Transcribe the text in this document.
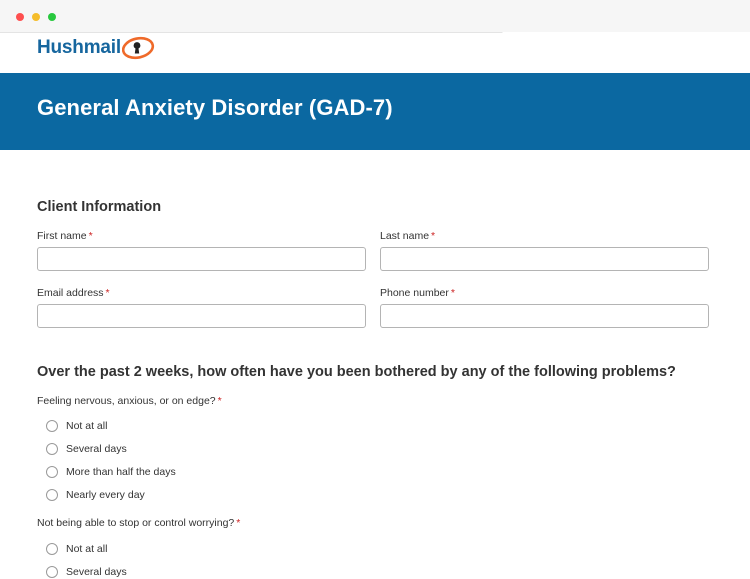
Hush mail
General Anxiety Disorder (GAD-7)
Client Information
First name *	Last name *
Email address *	Phone number *
Over the past 2 weeks, how often have you been bothered by any of the following problems?
Feeling nervous, anxious, or on edge? *
Not at all
Several days
More than half the days
Nearly every day
Not being able to stop or control worrying? *
Not at all
Several days
